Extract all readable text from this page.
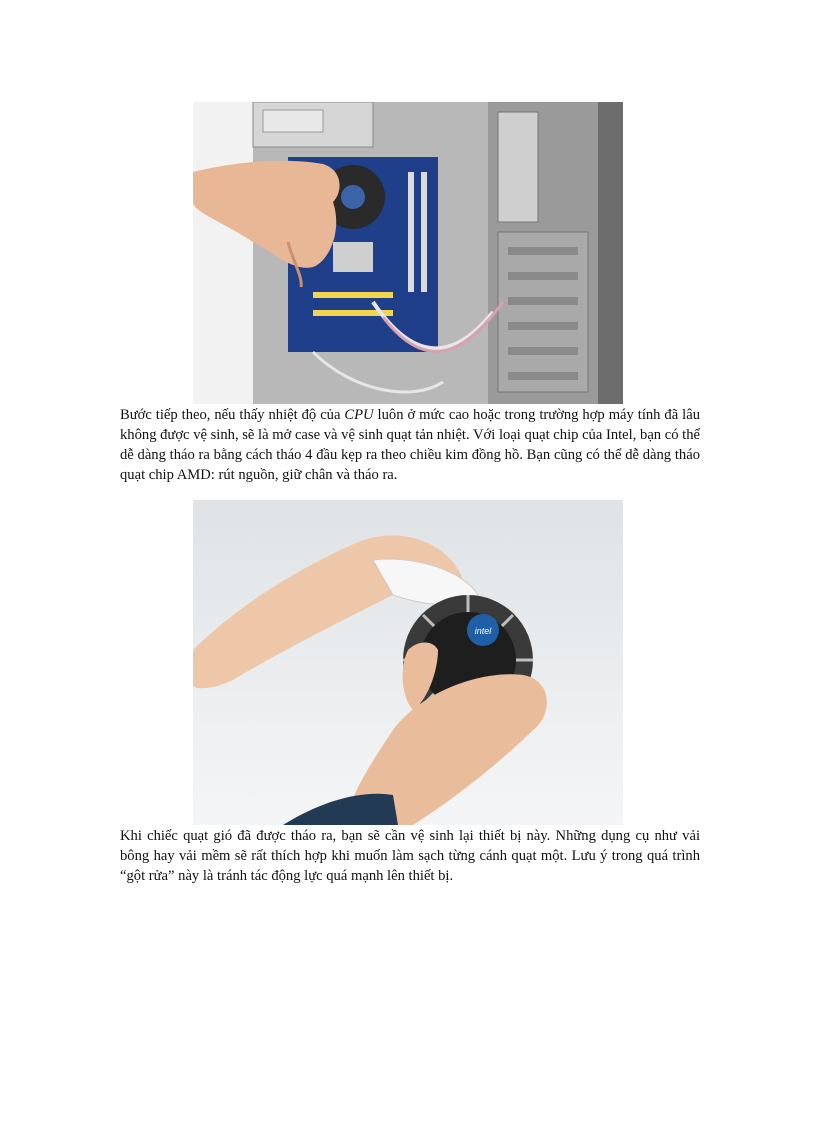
Bước tiếp theo, nếu thấy nhiệt độ của CPU luôn ở mức cao hoặc trong trường hợp máy tính đã lâu không được vệ sinh, sẽ là mở case và vệ sinh quạt tản nhiệt. Với loại quạt chip của Intel, bạn có thể dễ dàng tháo ra bằng cách tháo 4 đầu kẹp ra theo chiều kim đồng hồ. Bạn cũng có thể dễ dàng tháo quạt chip AMD: rút nguồn, giữ chân và tháo ra.

intel

Khi chiếc quạt gió đã được tháo ra, bạn sẽ cần vệ sinh lại thiết bị này. Những dụng cụ như vải bông hay vải mềm sẽ rất thích hợp khi muốn làm sạch từng cánh quạt một. Lưu ý trong quá trình “gột rửa” này là tránh tác động lực quá mạnh lên thiết bị.
